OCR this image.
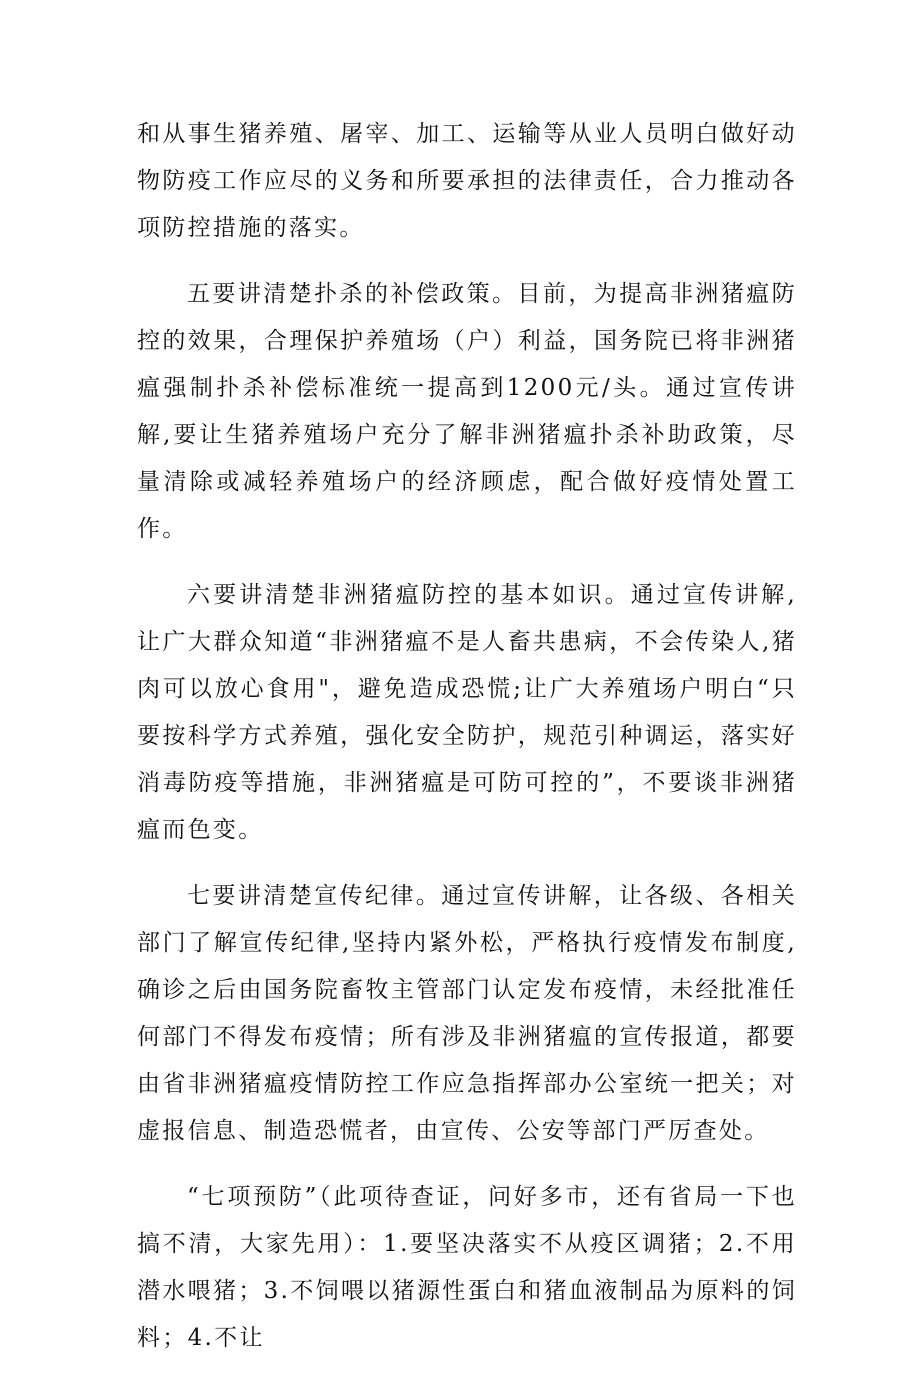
和从事生猪养殖、屠宰、加工、运输等从业人员明白做好动物防疫工作应尽的义务和所要承担的法律责任，合力推动各项防控措施的落实。

五要讲清楚扑杀的补偿政策。目前，为提高非洲猪瘟防控的效果，合理保护养殖场（户）利益，国务院已将非洲猪瘟强制扑杀补偿标准统一提高到1200元/头。通过宣传讲解,要让生猪养殖场户充分了解非洲猪瘟扑杀补助政策，尽量清除或减轻养殖场户的经济顾虑，配合做好疫情处置工作。

六要讲清楚非洲猪瘟防控的基本如识。通过宣传讲解,让广大群众知道“非洲猪瘟不是人畜共患病，不会传染人,猪肉可以放心食用"，避免造成恐慌;让广大养殖场户明白“只要按科学方式养殖，强化安全防护，规范引种调运，落实好消毒防疫等措施，非洲猪瘟是可防可控的”，不要谈非洲猪瘟而色变。

七要讲清楚宣传纪律。通过宣传讲解，让各级、各相关部门了解宣传纪律,坚持内紧外松，严格执行疫情发布制度,确诊之后由国务院畜牧主管部门认定发布疫情，未经批准任何部门不得发布疫情；所有涉及非洲猪瘟的宣传报道，都要由省非洲猪瘟疫情防控工作应急指挥部办公室统一把关；对虚报信息、制造恐慌者，由宣传、公安等部门严厉查处。

“七项预防”（此项待查证，问好多市，还有省局一下也搞不清，大家先用）：1.要坚决落实不从疫区调猪；2.不用潜水喂猪；3.不饲喂以猪源性蛋白和猪血液制品为原料的饲料；4.不让
